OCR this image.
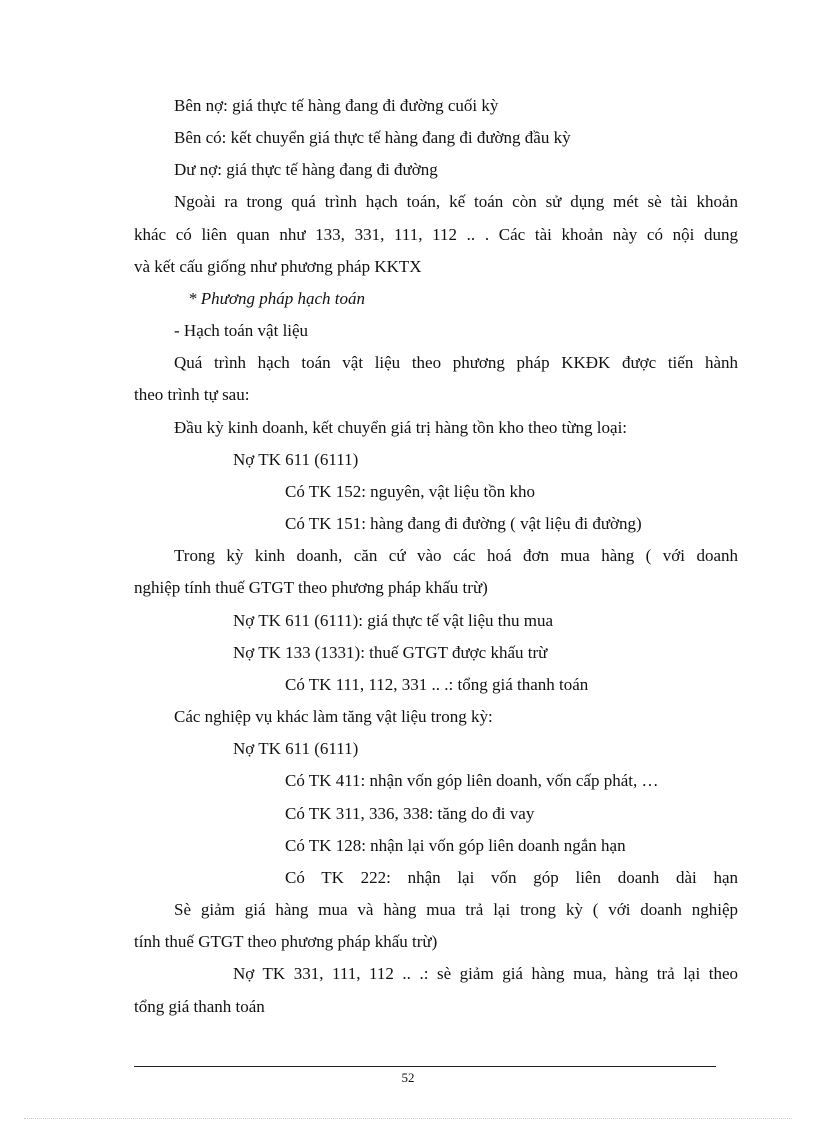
Bên nợ: giá thực tế hàng đang đi đường cuối kỳ
Bên có: kết chuyển giá thực tế hàng đang đi đường đầu kỳ
Dư nợ: giá thực tế hàng đang đi đường
Ngoài ra trong quá trình hạch toán, kế toán còn sử dụng mét sè tài khoản
khác có liên quan như 133, 331, 111, 112 .. . Các tài khoản này có nội dung
và kết cấu giống như phương pháp KKTX
* Phương pháp hạch toán
- Hạch toán vật liệu
Quá trình hạch toán vật liệu theo phương pháp KKĐK được tiến hành
theo trình tự sau:
Đầu kỳ kinh doanh, kết chuyển giá trị hàng tồn kho theo từng loại:
Nợ TK 611 (6111)
Có TK 152: nguyên, vật liệu tồn kho
Có TK 151: hàng đang đi đường ( vật liệu đi đường)
Trong kỳ kinh doanh, căn cứ vào các hoá đơn mua hàng ( với doanh
nghiệp tính thuế GTGT theo phương pháp khấu trừ)
Nợ TK 611 (6111): giá thực tế vật liệu thu mua
Nợ TK 133 (1331): thuế GTGT được khấu trừ
Có TK 111, 112, 331 .. .: tổng giá thanh toán
Các nghiệp vụ khác làm tăng vật liệu trong kỳ:
Nợ TK 611 (6111)
Có TK 411: nhận vốn góp liên doanh, vốn cấp phát, …
Có TK 311, 336, 338: tăng do đi vay
Có TK 128: nhận lại vốn góp liên doanh ngắn hạn
Có TK 222: nhận lại vốn góp liên doanh dài hạn
Sè giảm giá hàng mua và hàng mua trả lại trong kỳ ( với doanh nghiệp
tính thuế GTGT theo phương pháp khấu trừ)
Nợ TK 331, 111, 112 .. .: sè giảm giá hàng mua, hàng trả lại theo
tổng giá thanh toán
52
